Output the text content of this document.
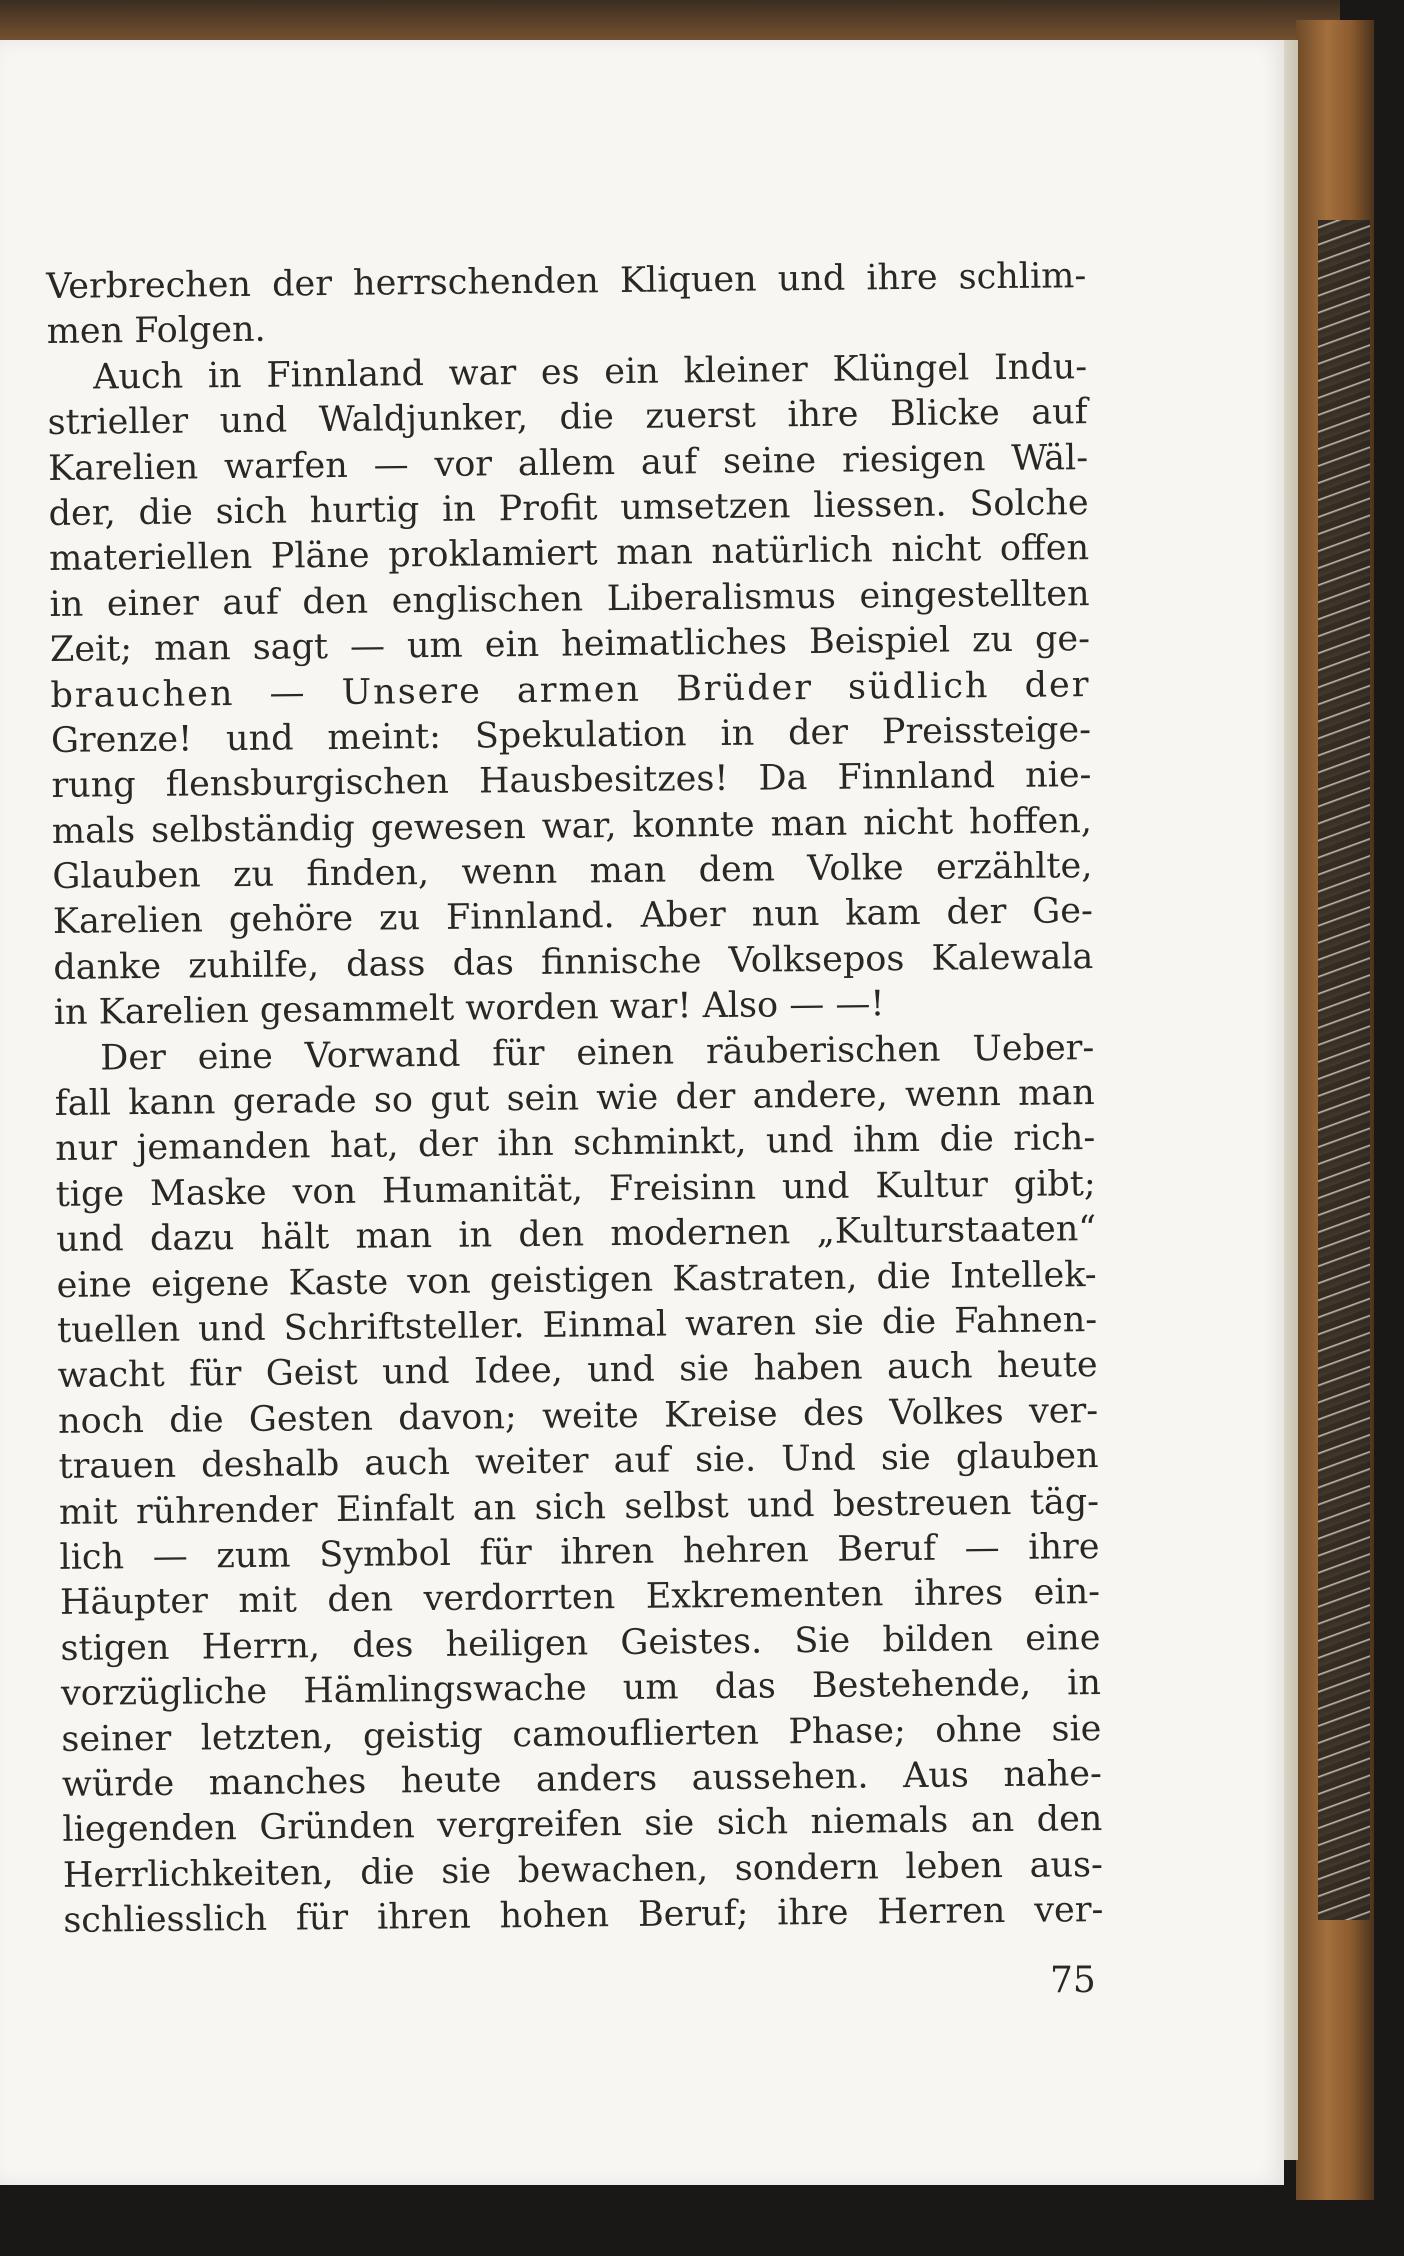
Verbrechen der herrschenden Kliquen und ihre schlim-
men Folgen.
Auch in Finnland war es ein kleiner Klüngel Indu-
strieller und Waldjunker, die zuerst ihre Blicke auf
Karelien warfen — vor allem auf seine riesigen Wäl-
der, die sich hurtig in Profit umsetzen liessen. Solche
materiellen Pläne proklamiert man natürlich nicht offen
in einer auf den englischen Liberalismus eingestellten
Zeit; man sagt — um ein heimatliches Beispiel zu ge-
brauchen — Unsere armen Brüder südlich der
Grenze! und meint: Spekulation in der Preissteige-
rung flensburgischen Hausbesitzes! Da Finnland nie-
mals selbständig gewesen war, konnte man nicht hoffen,
Glauben zu finden, wenn man dem Volke erzählte,
Karelien gehöre zu Finnland. Aber nun kam der Ge-
danke zuhilfe, dass das finnische Volksepos Kalewala
in Karelien gesammelt worden war! Also — —!
Der eine Vorwand für einen räuberischen Ueber-
fall kann gerade so gut sein wie der andere, wenn man
nur jemanden hat, der ihn schminkt, und ihm die rich-
tige Maske von Humanität, Freisinn und Kultur gibt;
und dazu hält man in den modernen „Kulturstaaten“
eine eigene Kaste von geistigen Kastraten, die Intellek-
tuellen und Schriftsteller. Einmal waren sie die Fahnen-
wacht für Geist und Idee, und sie haben auch heute
noch die Gesten davon; weite Kreise des Volkes ver-
trauen deshalb auch weiter auf sie. Und sie glauben
mit rührender Einfalt an sich selbst und bestreuen täg-
lich — zum Symbol für ihren hehren Beruf — ihre
Häupter mit den verdorrten Exkrementen ihres ein-
stigen Herrn, des heiligen Geistes. Sie bilden eine
vorzügliche Hämlingswache um das Bestehende, in
seiner letzten, geistig camouflierten Phase; ohne sie
würde manches heute anders aussehen. Aus nahe-
liegenden Gründen vergreifen sie sich niemals an den
Herrlichkeiten, die sie bewachen, sondern leben aus-
schliesslich für ihren hohen Beruf; ihre Herren ver-
75
